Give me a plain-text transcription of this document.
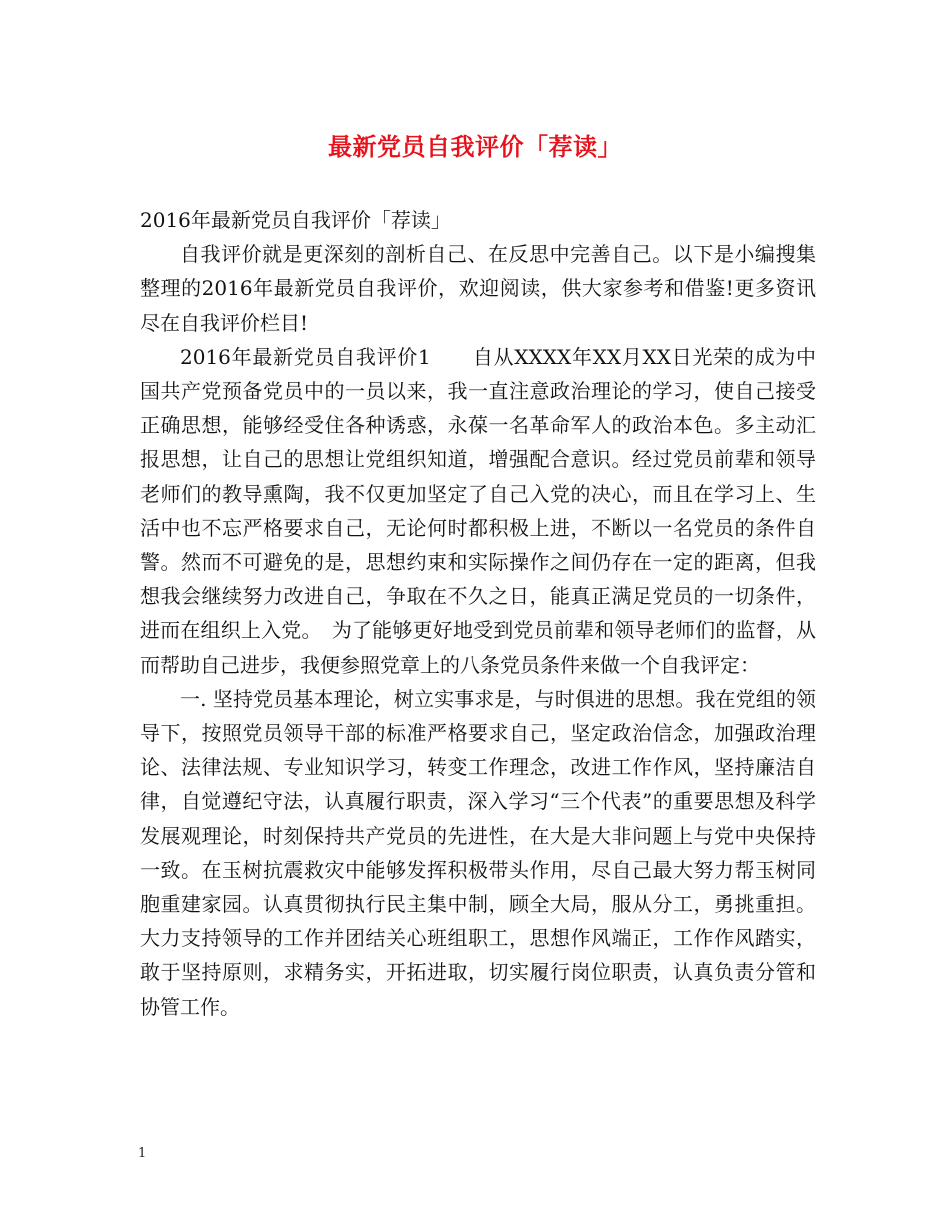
最新党员自我评价「荐读」

2016年最新党员自我评价「荐读」

自我评价就是更深刻的剖析自己、在反思中完善自己。以下是小编搜集整理的2016年最新党员自我评价，欢迎阅读，供大家参考和借鉴!更多资讯尽在自我评价栏目!

2016年最新党员自我评价1　　自从XXXX年XX月XX日光荣的成为中国共产党预备党员中的一员以来，我一直注意政治理论的学习，使自己接受正确思想，能够经受住各种诱惑，永葆一名革命军人的政治本色。多主动汇报思想，让自己的思想让党组织知道，增强配合意识。经过党员前辈和领导老师们的教导熏陶，我不仅更加坚定了自己入党的决心，而且在学习上、生活中也不忘严格要求自己，无论何时都积极上进，不断以一名党员的条件自警。然而不可避免的是，思想约束和实际操作之间仍存在一定的距离，但我想我会继续努力改进自己，争取在不久之日，能真正满足党员的一切条件，进而在组织上入党。　为了能够更好地受到党员前辈和领导老师们的监督，从而帮助自己进步，我便参照党章上的八条党员条件来做一个自我评定：

一. 坚持党员基本理论，树立实事求是，与时俱进的思想。我在党组的领导下，按照党员领导干部的标准严格要求自己，坚定政治信念，加强政治理论、法律法规、专业知识学习，转变工作理念，改进工作作风，坚持廉洁自律，自觉遵纪守法，认真履行职责，深入学习“三个代表”的重要思想及科学发展观理论，时刻保持共产党员的先进性，在大是大非问题上与党中央保持一致。在玉树抗震救灾中能够发挥积极带头作用，尽自己最大努力帮玉树同胞重建家园。认真贯彻执行民主集中制，顾全大局，服从分工，勇挑重担。大力支持领导的工作并团结关心班组职工，思想作风端正，工作作风踏实，敢于坚持原则，求精务实，开拓进取，切实履行岗位职责，认真负责分管和协管工作。

1
